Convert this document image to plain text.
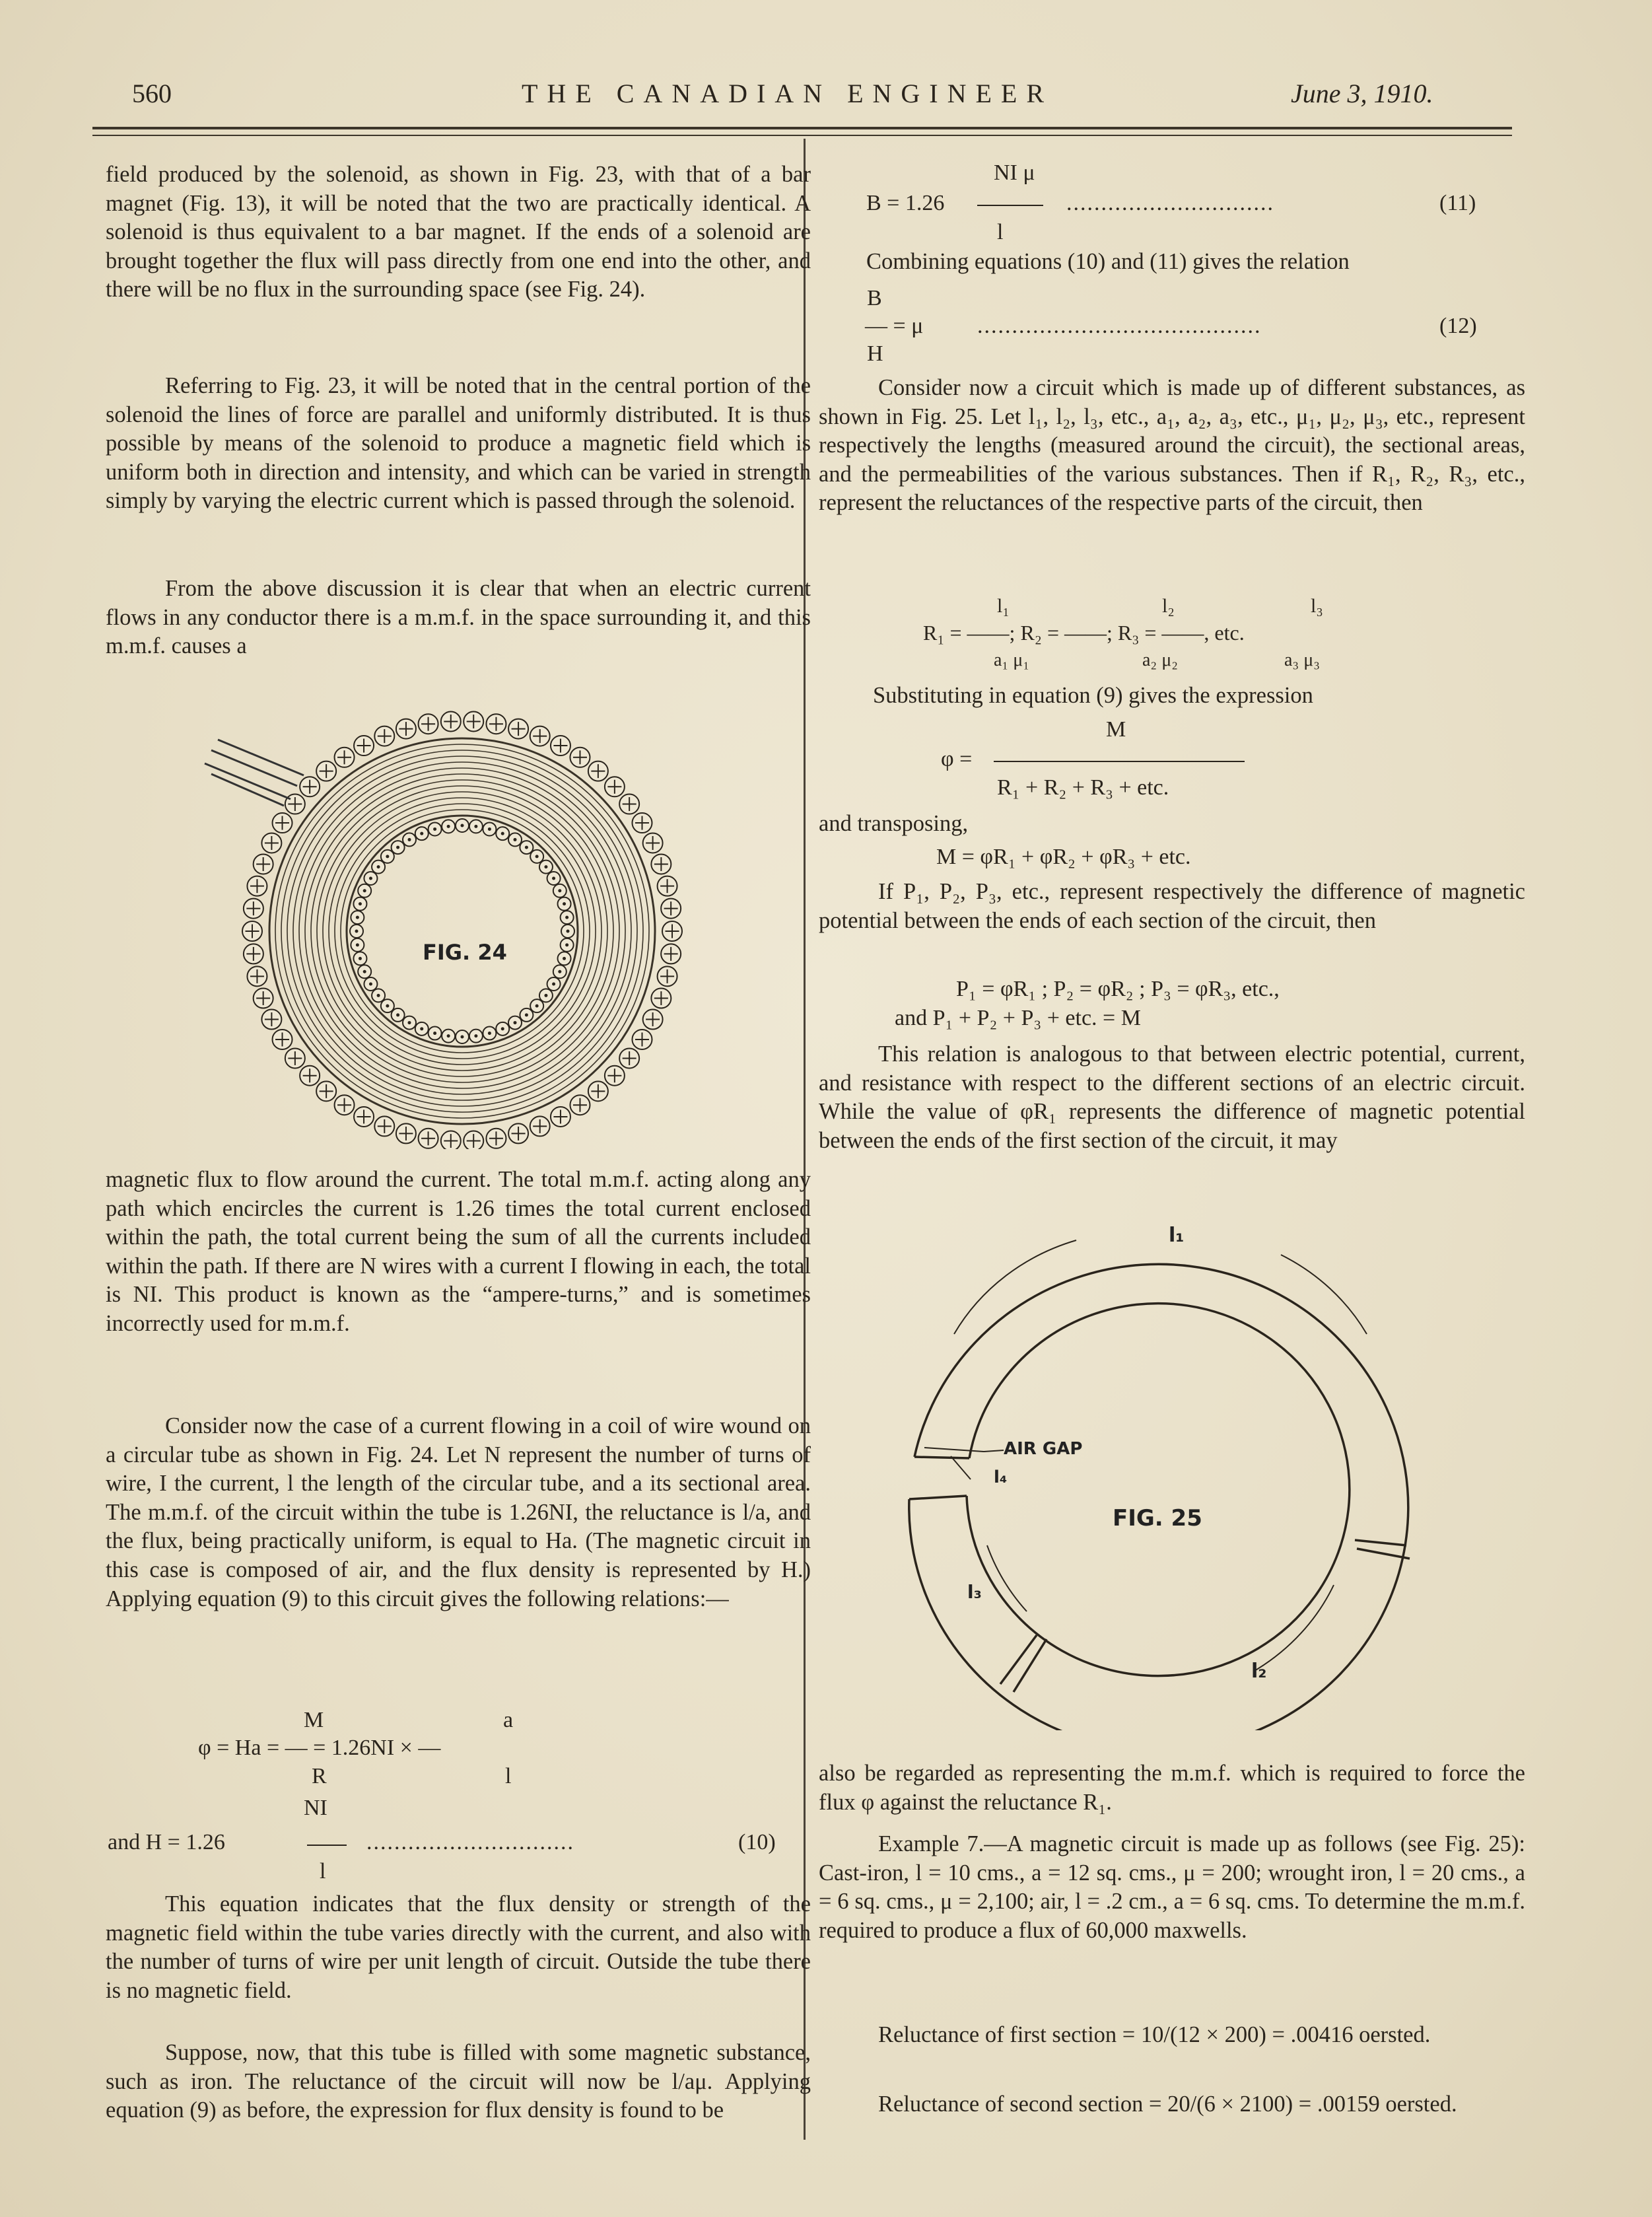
560	THE CANADIAN ENGINEER	June 3, 1910.

field produced by the solenoid, as shown in Fig. 23, with that of a bar magnet (Fig. 13), it will be noted that the two are practically identical. A solenoid is thus equivalent to a bar magnet. If the ends of a solenoid are brought together the flux will pass directly from one end into the other, and there will be no flux in the surrounding space (see Fig. 24).

Referring to Fig. 23, it will be noted that in the central portion of the solenoid the lines of force are parallel and uniformly distributed. It is thus possible by means of the solenoid to produce a magnetic field which is uniform both in direction and intensity, and which can be varied in strength simply by varying the electric current which is passed through the solenoid.

From the above discussion it is clear that when an electric current flows in any conductor there is a m.m.f. in the space surrounding it, and this m.m.f. causes a

FIG. 24

magnetic flux to flow around the current. The total m.m.f. acting along any path which encircles the current is 1.26 times the total current enclosed within the path, the total current being the sum of all the currents included within the path. If there are N wires with a current I flowing in each, the total is NI. This product is known as the “ampere-turns,” and is sometimes incorrectly used for m.m.f.

Consider now the case of a current flowing in a coil of wire wound on a circular tube as shown in Fig. 24. Let N represent the number of turns of wire, I the current, l the length of the circular tube, and a its sectional area. The m.m.f. of the circuit within the tube is 1.26NI, the reluctance is l/a, and the flux, being practically uniform, is equal to Ha. (The magnetic circuit in this case is composed of air, and the flux density is represented by H.) Applying equation (9) to this circuit gives the following relations:—

M	a
φ = Ha = — = 1.26NI × —
R	l
NI
and H = 1.26	..............................	(10)
l

This equation indicates that the flux density or strength of the magnetic field within the tube varies directly with the current, and also with the number of turns of wire per unit length of circuit. Outside the tube there is no magnetic field.

Suppose, now, that this tube is filled with some magnetic substance, such as iron. The reluctance of the circuit will now be l/aμ. Applying equation (9) as before, the expression for flux density is found to be

NI μ
B = 1.26	..............................	(11)
l

Combining equations (10) and (11) gives the relation

B
— = μ .........................................	(12)
H

Consider now a circuit which is made up of different substances, as shown in Fig. 25. Let l₁, l₂, l₃, etc., a₁, a₂, a₃, etc., μ₁, μ₂, μ₃, etc., represent respectively the lengths (measured around the circuit), the sectional areas, and the permeabilities of the various substances. Then if R₁, R₂, R₃, etc., represent the reluctances of the respective parts of the circuit, then

l₁	l₂	l₃
R₁ = ——; R₂ = ——; R₃ = ——, etc.
a₁ μ₁	a₂ μ₂	a₃ μ₃

Substituting in equation (9) gives the expression

M
φ =
R₁ + R₂ + R₃ + etc.

and transposing,

M = φR₁ + φR₂ + φR₃ + etc.

If P₁, P₂, P₃, etc., represent respectively the difference of magnetic potential between the ends of each section of the circuit, then

P₁ = φR₁ ; P₂ = φR₂ ; P₃ = φR₃, etc.,
and P₁ + P₂ + P₃ + etc. = M

This relation is analogous to that between electric potential, current, and resistance with respect to the different sections of an electric circuit. While the value of φR₁ represents the difference of magnetic potential between the ends of the first section of the circuit, it may

l₁
AIR GAP
l₄
FIG. 25
l₃
l₂

also be regarded as representing the m.m.f. which is required to force the flux φ against the reluctance R₁.

Example 7.—A magnetic circuit is made up as follows (see Fig. 25): Cast-iron, l = 10 cms., a = 12 sq. cms., μ = 200; wrought iron, l = 20 cms., a = 6 sq. cms., μ = 2,100; air, l = .2 cm., a = 6 sq. cms. To determine the m.m.f. required to produce a flux of 60,000 maxwells.

Reluctance of first section = 10/(12 × 200) = .00416 oersted.

Reluctance of second section = 20/(6 × 2100) = .00159 oersted.
